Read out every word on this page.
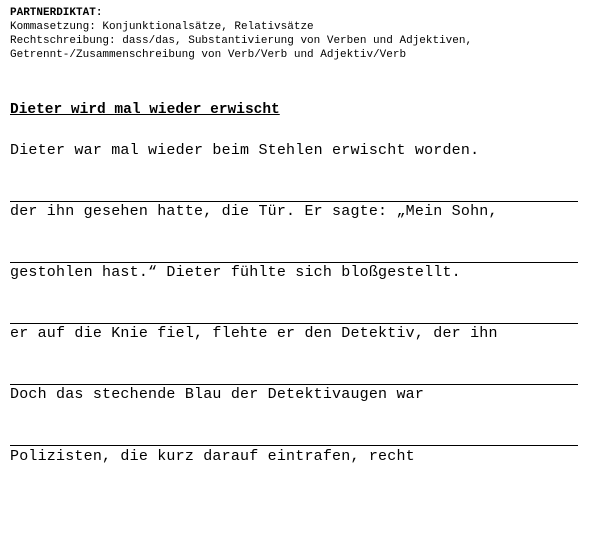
PARTNERDIKTAT:
Kommasetzung: Konjunktionalsätze, Relativsätze
Rechtschreibung: dass/das, Substantivierung von Verben und Adjektiven,
Getrennt-/Zusammenschreibung von Verb/Verb und Adjektiv/Verb
Dieter wird mal wieder erwischt
Dieter war mal wieder beim Stehlen erwischt worden.
der ihn gesehen hatte, die Tür. Er sagte: „Mein Sohn,
gestohlen hast.“ Dieter fühlte sich bloßgestellt.
er auf die Knie fiel, flehte er den Detektiv, der ihn
Doch das stechende Blau der Detektivaugen war
Polizisten, die kurz darauf eintrafen, recht
